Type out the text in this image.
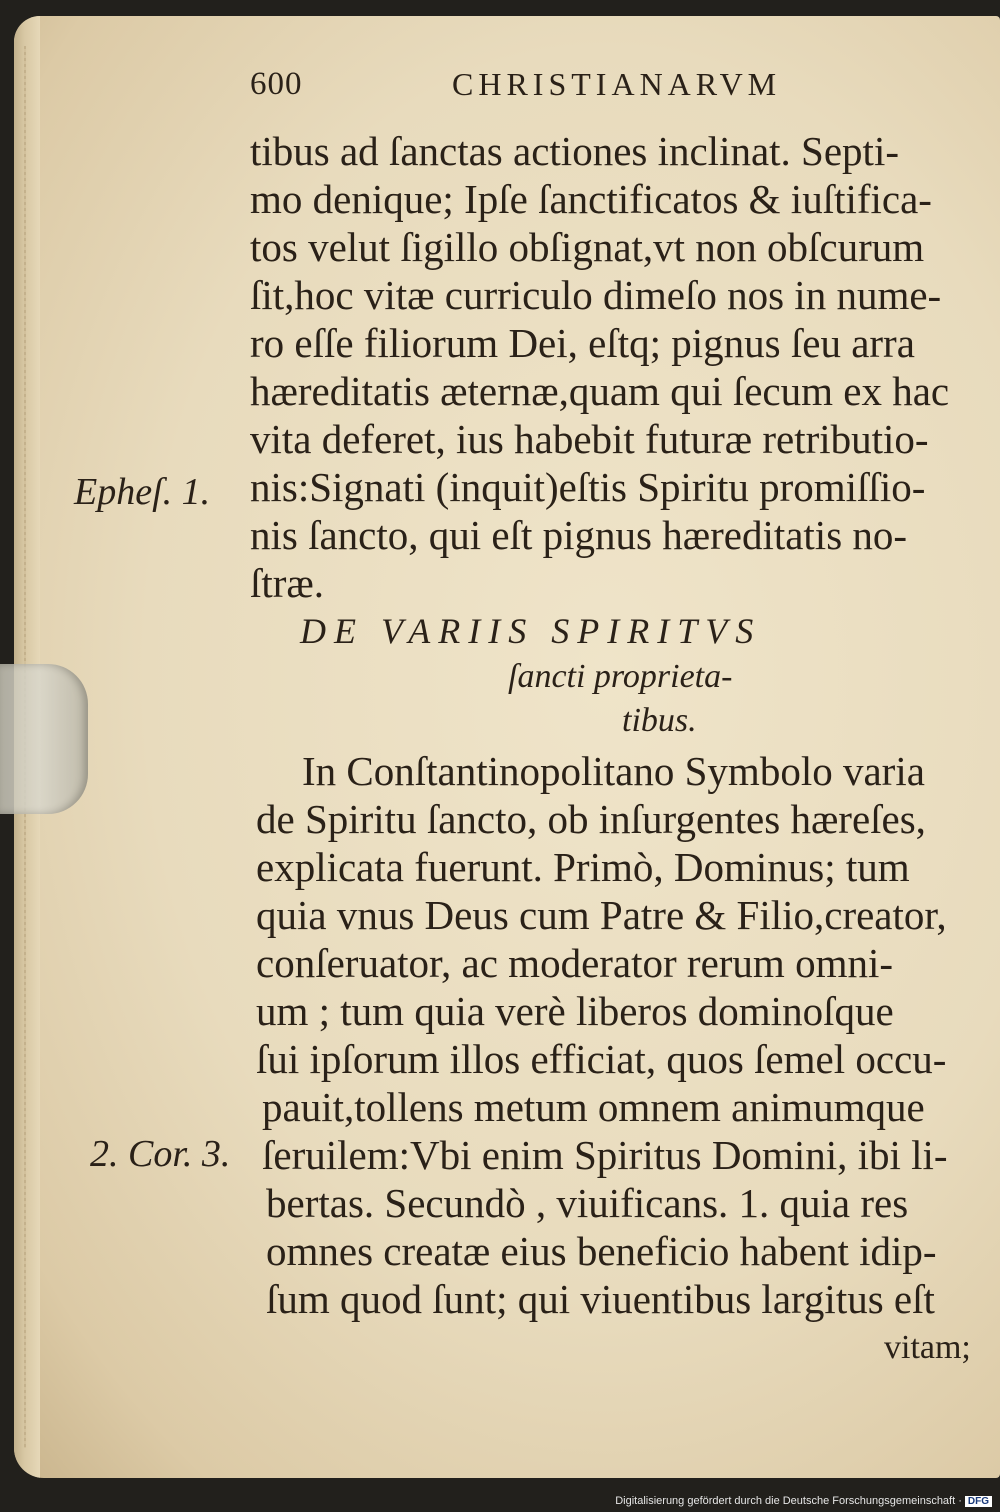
600	CHRISTIANARVM
tibus ad ſanctas actiones inclinat. Septi-
mo denique; Ipſe ſanctificatos & iuſtifica-
tos velut ſigillo obſignat,vt non obſcurum
ſit,hoc vitæ curriculo dimeſo nos in nume-
ro eſſe filiorum Dei, eſtq; pignus ſeu arra
hæreditatis æternæ,quam qui ſecum ex hac
vita deferet, ius habebit futuræ retributio-
nis:Signati (inquit)eſtis Spiritu promiſſio-
nis ſancto, qui eſt pignus hæreditatis no-
ſtræ.
Epheſ. 1.
DE VARIIS SPIRITVS
ſancti proprieta-
tibus.
In Conſtantinopolitano Symbolo varia
de Spiritu ſancto, ob inſurgentes hæreſes,
explicata fuerunt. Primò, Dominus; tum
quia vnus Deus cum Patre & Filio,creator,
conſeruator, ac moderator rerum omni-
um ; tum quia verè liberos dominoſque
ſui ipſorum illos efficiat, quos ſemel occu-
pauit,tollens metum omnem animumque
ſeruilem:Vbi enim Spiritus Domini, ibi li-
bertas. Secundò , viuificans. 1. quia res
omnes creatæ eius beneficio habent idip-
ſum quod ſunt; qui viuentibus largitus eſt
2. Cor. 3.
vitam;
Digitalisierung gefördert durch die Deutsche Forschungsgemeinschaft · DFG
